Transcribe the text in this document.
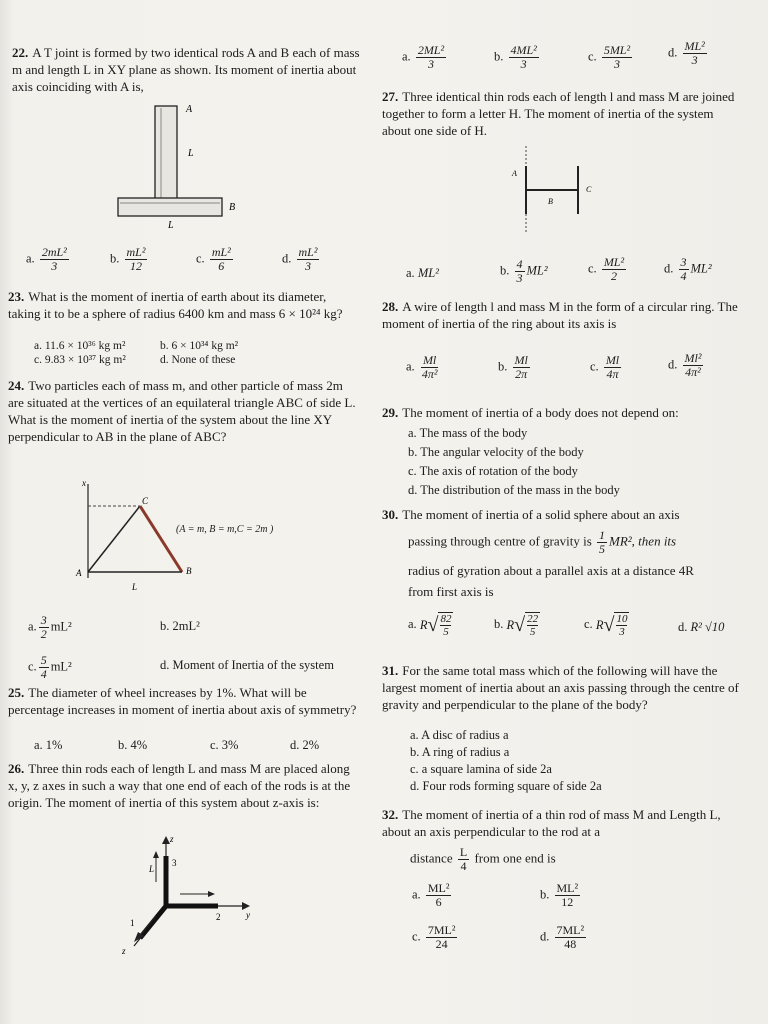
22. A T joint is formed by two identical rods A and B each of mass m and length L in XY plane as shown. Its moment of inertia about axis coinciding with A is,
A
L
B
L
a. $\frac{\text{2mL²}}{3}$	b. $\frac{\text{mL²}}{12}$	c. $\frac{\text{mL²}}{6}$	d. $\frac{\text{mL²}}{3}$
23. What is the moment of inertia of earth about its diameter, taking it to be a sphere of radius 6400 km and mass 6 × 10²⁴ kg?
a. 11.6 × 10³⁶ kg m²	b. 6 × 10³⁴ kg m²
c. 9.83 × 10³⁷ kg m²	d. None of these
24. Two particles each of mass m, and other particle of mass 2m are situated at the vertices of an equilateral triangle ABC of side L. What is the moment of inertia of the system about the line XY perpendicular to AB in the plane of ABC?
x
C
A	B
L
(A = m, B = m,C = 2m )
a. $\frac{3}{2} mL^2$	b. 2mL²
c. $\frac{5}{4} mL^2$	d. Moment of Inertia of the system
25. The diameter of wheel increases by 1%. What will be percentage increases in moment of inertia about axis of symmetry?
a. 1%	b. 4%	c. 3%	d. 2%
26. Three thin rods each of length L and mass M are placed along x, y, z axes in such a way that one end of each of the rods is at the origin. The moment of inertia of this system about z-axis is:
z
y
z
L
3
2
1
a. $\frac{\text{2ML²}}{3}$	b. $\frac{\text{4ML²}}{3}$	c. $\frac{\text{5ML²}}{3}$	d. $\frac{\text{ML²}}{3}$
27. Three identical thin rods each of length l and mass M are joined together to form a letter H. The moment of inertia of the system about one side of H.
A
B
C
a. ML²	b. $\frac{4}{3} ML^2$	c. $\frac{\text{ML²}}{2}$	d. $\frac{3}{4} ML^2$
28. A wire of length l and mass M in the form of a circular ring. The moment of inertia of the ring about its axis is
a. $\frac{Ml}{\text{4π²}}$	b. $\frac{Ml}{2\pi}$	c. $\frac{Ml}{4\pi}$	d. $\frac{\text{Ml²}}{\text{4π²}}$
29. The moment of inertia of a body does not depend on:
a. The mass of the body
b. The angular velocity of the body
c. The axis of rotation of the body
d. The distribution of the mass in the body
30. The moment of inertia of a solid sphere about an axis
passing through centre of gravity is $\frac{1}{5} MR^2$, then its
radius of gyration about a parallel axis at a distance 4R
from first axis is
a. R √ 82
5
b. R √ 22
5
c. R √ 10
3	d. R² √10
31. For the same total mass which of the following will have the largest moment of inertia about an axis passing through the centre of gravity and perpendicular to the plane of the body?
a. A disc of radius a
b. A ring of radius a
c. a square lamina of side 2a
d. Four rods forming square of side 2a
32. The moment of inertia of a thin rod of mass M and Length L, about an axis perpendicular to the rod at a
distance $\frac{L}{4}$ from one end is
a. $\frac{\text{ML²}}{6}$	b. $\frac{\text{ML²}}{12}$
c. $\frac{\text{7ML²}}{24}$	d. $\frac{\text{7ML²}}{48}$
